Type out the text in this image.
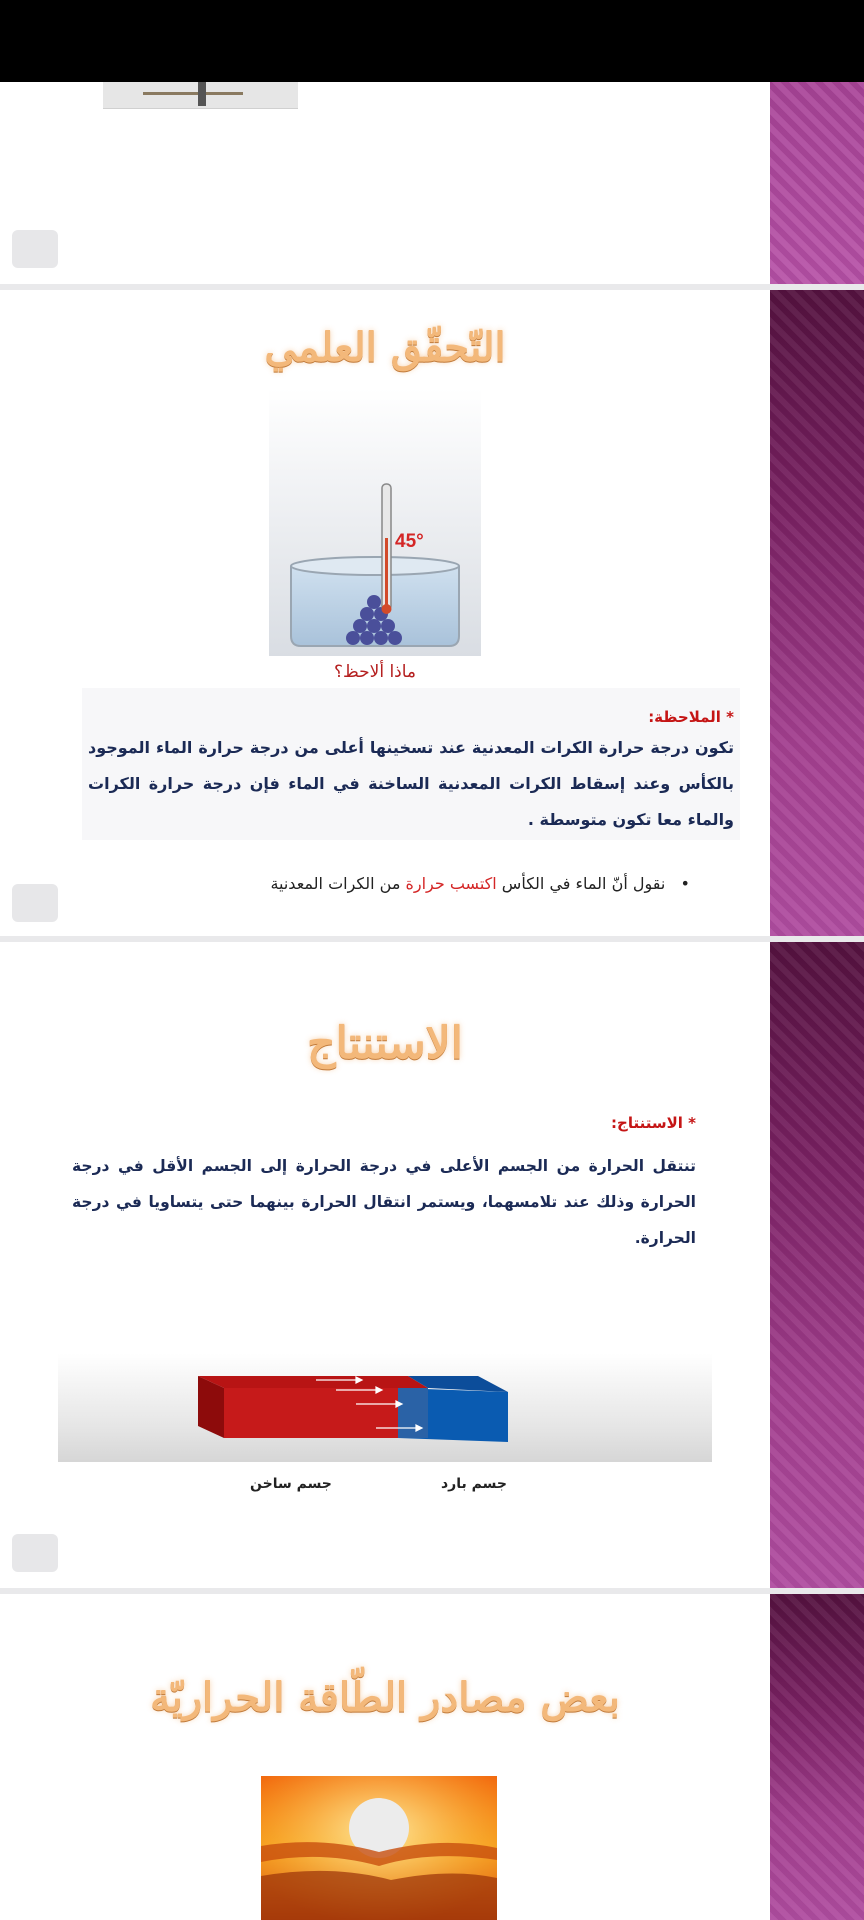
التّحقّق العلمي
45°
ماذا ألاحظ؟
* الملاحظة:
تكون درجة حرارة الكرات المعدنية عند تسخينها أعلى من درجة حرارة الماء الموجود بالكأس وعند إسقاط الكرات المعدنية الساخنة في الماء فإن درجة حرارة الكرات والماء معا تكون متوسطة .
•   نقول أنّ الماء في الكأس اكتسب حرارة من الكرات المعدنية
الاستنتاج
* الاستنتاج:
تنتقل الحرارة من الجسم الأعلى في درجة الحرارة إلى الجسم الأقل في درجة الحرارة وذلك عند تلامسهما، ويستمر انتقال الحرارة بينهما حتى يتساويا في درجة الحرارة.
جسم ساخن	جسم بارد
بعض مصادر الطّاقة الحراريّة
